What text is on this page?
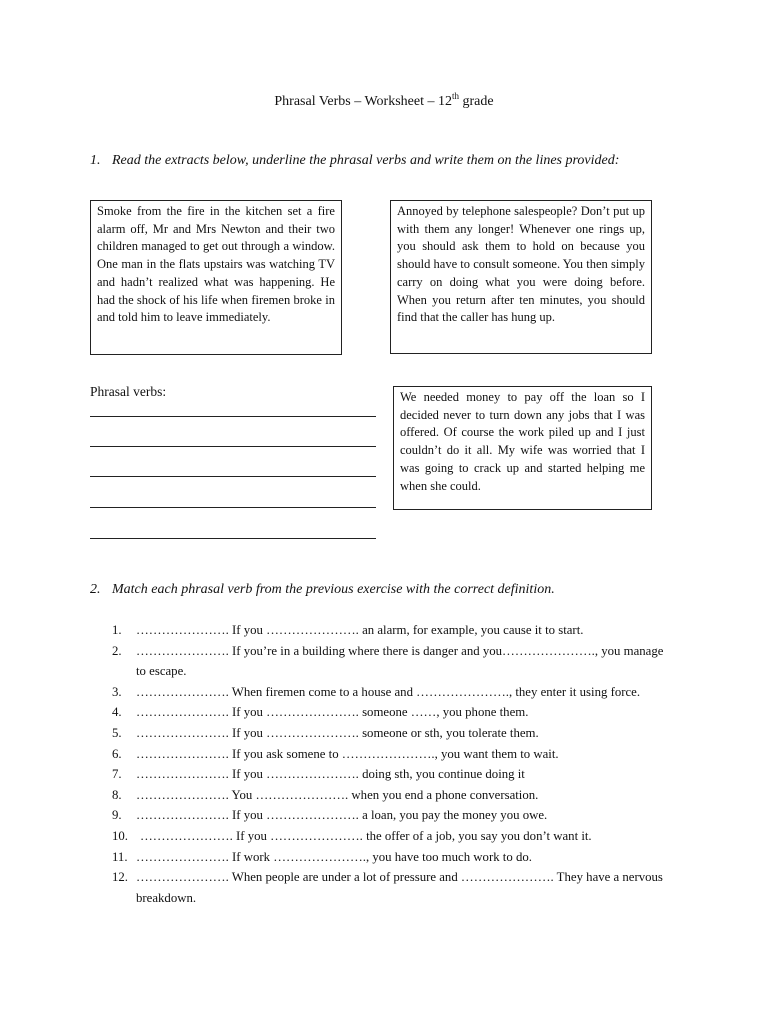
Phrasal Verbs – Worksheet – 12th grade
1. Read the extracts below, underline the phrasal verbs and write them on the lines provided:
Smoke from the fire in the kitchen set a fire alarm off, Mr and Mrs Newton and their two children managed to get out through a window. One man in the flats upstairs was watching TV and hadn’t realized what was happening. He had the shock of his life when firemen broke in and told him to leave immediately.
Annoyed by telephone salespeople? Don’t put up with them any longer! Whenever one rings up, you should ask them to hold on because you should have to consult someone. You then simply carry on doing what you were doing before. When you return after ten minutes, you should find that the caller has hung up.
We needed money to pay off the loan so I decided never to turn down any jobs that I was offered. Of course the work piled up and I just couldn’t do it all. My wife was worried that I was going to crack up and started helping me when she could.
Phrasal verbs:
2. Match each phrasal verb from the previous exercise with the correct definition.
1. …………………. If you …………………. an alarm, for example, you cause it to start.
2. …………………. If you’re in a building where there is danger and you…………………., you manage to escape.
3. …………………. When firemen come to a house and …………………., they enter it using force.
4. …………………. If you …………………. someone ……, you phone them.
5. …………………. If you …………………. someone or sth, you tolerate them.
6. …………………. If you ask somene to …………………., you want them to wait.
7. …………………. If you …………………. doing sth, you continue doing it
8. …………………. You …………………. when you end a phone conversation.
9. …………………. If you …………………. a loan, you pay the money you owe.
10. …………………. If you …………………. the offer of a job, you say you don’t want it.
11. …………………. If work …………………., you have too much work to do.
12. …………………. When people are under a lot of pressure and …………………. They have a nervous breakdown.
